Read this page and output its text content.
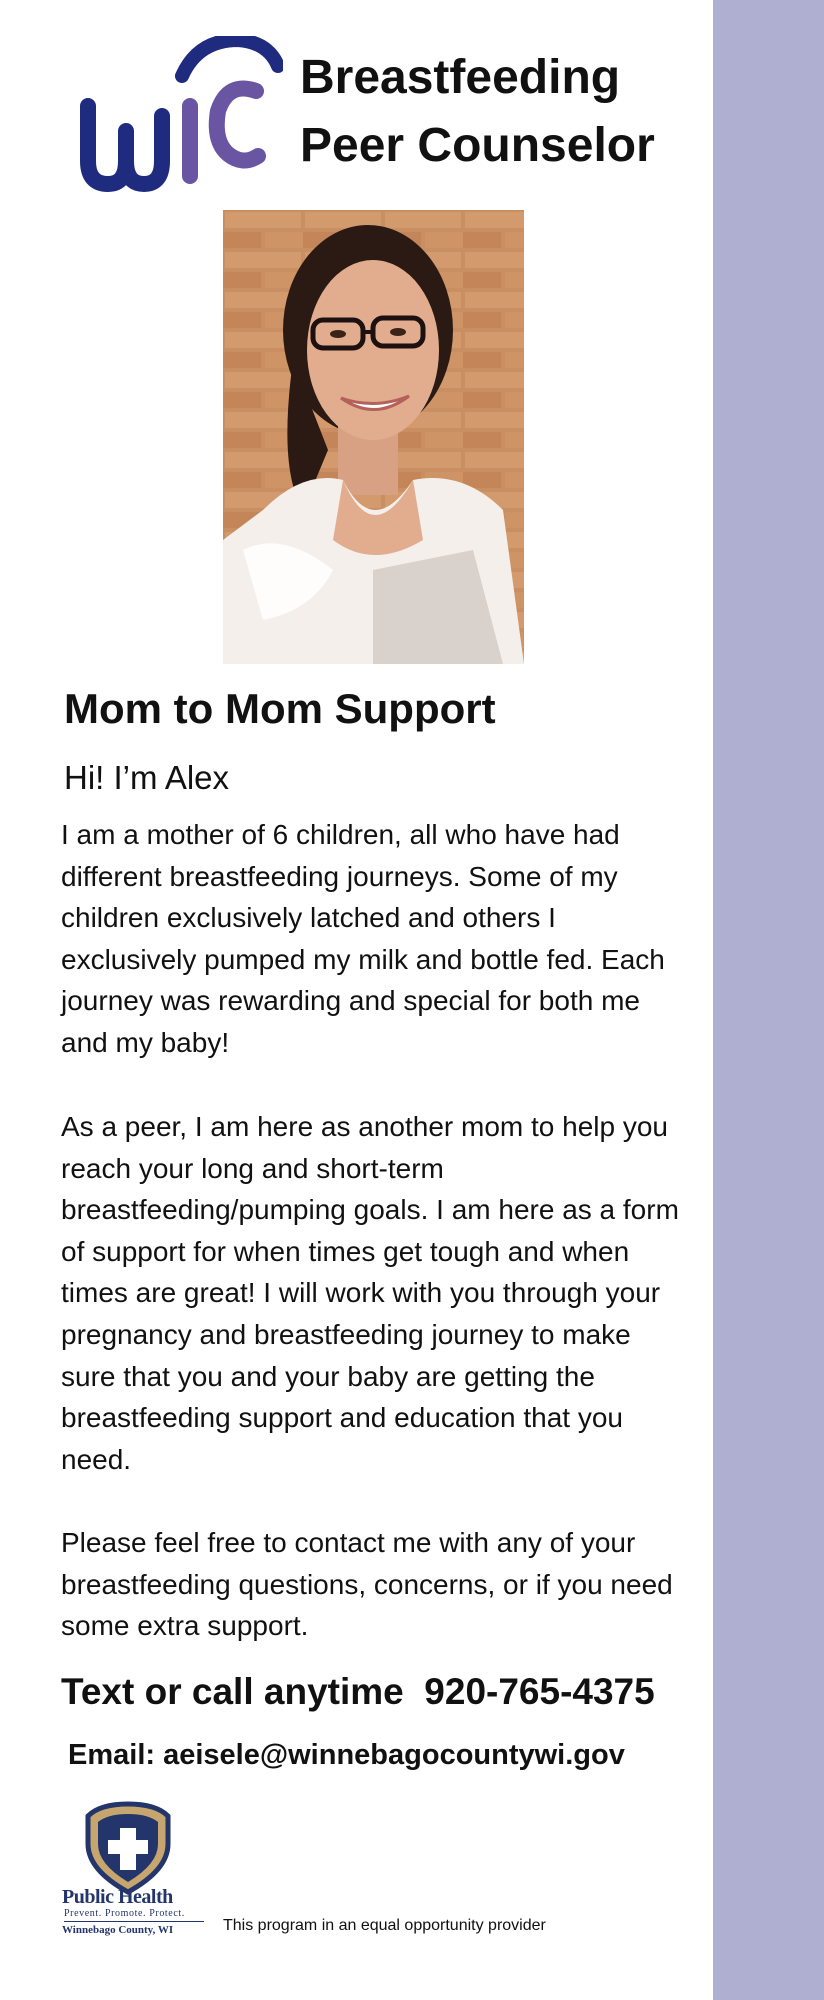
Breastfeeding
Peer Counselor
Mom to Mom Support
Hi! I’m Alex
I am a mother of 6 children, all who have had different breastfeeding journeys. Some of my children exclusively latched and others I exclusively pumped my milk and bottle fed. Each journey was rewarding and special for both me and my baby!
As a peer, I am here as another mom to help you reach your long and short-term breastfeeding/pumping goals. I am here as a form of support for when times get tough and when times are great! I will work with you through your pregnancy and breastfeeding journey to make sure that you and your baby are getting the breastfeeding support and education that you need.
Please feel free to contact me with any of your breastfeeding questions, concerns, or if you need some extra support.
Text or call anytime 920-765-4375
Email: aeisele@winnebagocountywi.gov
Public Health
Prevent. Promote. Protect.
Winnebago County, WI	This program in an equal opportunity provider
